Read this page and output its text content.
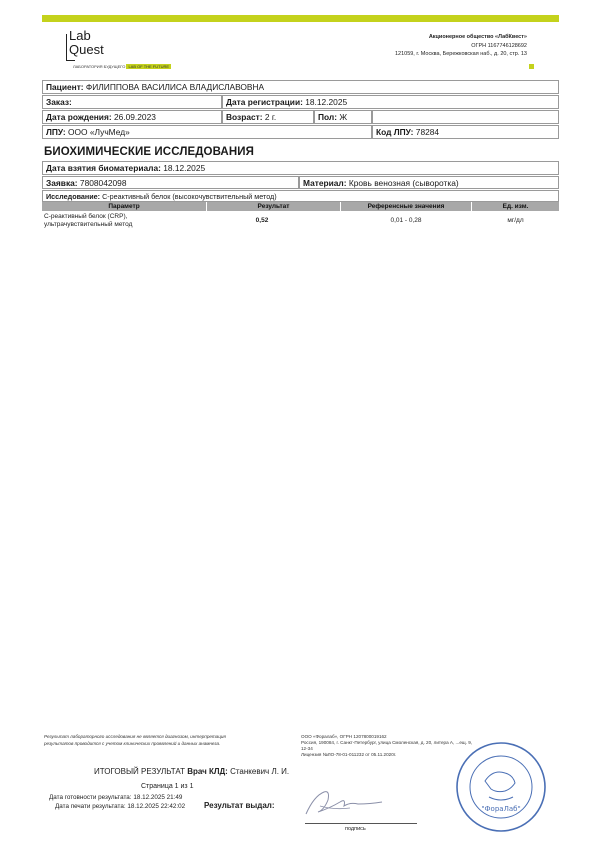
Lab
Quest
ЛАБОРАТОРИЯ БУДУЩЕГО LAB OF THE FUTURE
Акционерное общество «ЛабКвест»
ОГРН 1167746128692
121059, г. Москва, Бережковская наб., д. 20, стр. 13
Пациент: ФИЛИППОВА ВАСИЛИСА ВЛАДИСЛАВОВНА
Заказ:	Дата регистрации: 18.12.2025
Дата рождения: 26.09.2023	Возраст: 2 г.	Пол: Ж
ЛПУ: ООО «ЛучМед»	Код ЛПУ: 78284
БИОХИМИЧЕСКИЕ ИССЛЕДОВАНИЯ
Дата взятия биоматериала: 18.12.2025
Заявка: 7808042098	Материал: Кровь венозная (сыворотка)
Исследование: С-реактивный белок (высокочувствительный метод)
Параметр	Результат	Референсные значения	Ед. изм.
С-реактивный белок (CRP),
ультрачувствительный метод
0,52	0,01 - 0,28	мг/дл
Результат лабораторного исследования не является диагнозом, интерпретация
результатов проводится с учетом клинических проявлений и данных анамнеза.
ООО «Форалаб», ОГРН 1207800019162
Россия, 190084, г. Санкт-Петербург, улица Смоленская, д. 20, литера А, ...ещ. 9,
12-34
Лицензия №ЛО-78-01-011232 от 05.11.2020г.
"ФораЛаб"
ИТОГОВЫЙ РЕЗУЛЬТАТ Врач КЛД: Станкевич Л. И.
Страница 1 из 1
Дата готовности результата: 18.12.2025 21:49
Дата печати результата: 18.12.2025 22:42:02 Результат выдал:
подпись
